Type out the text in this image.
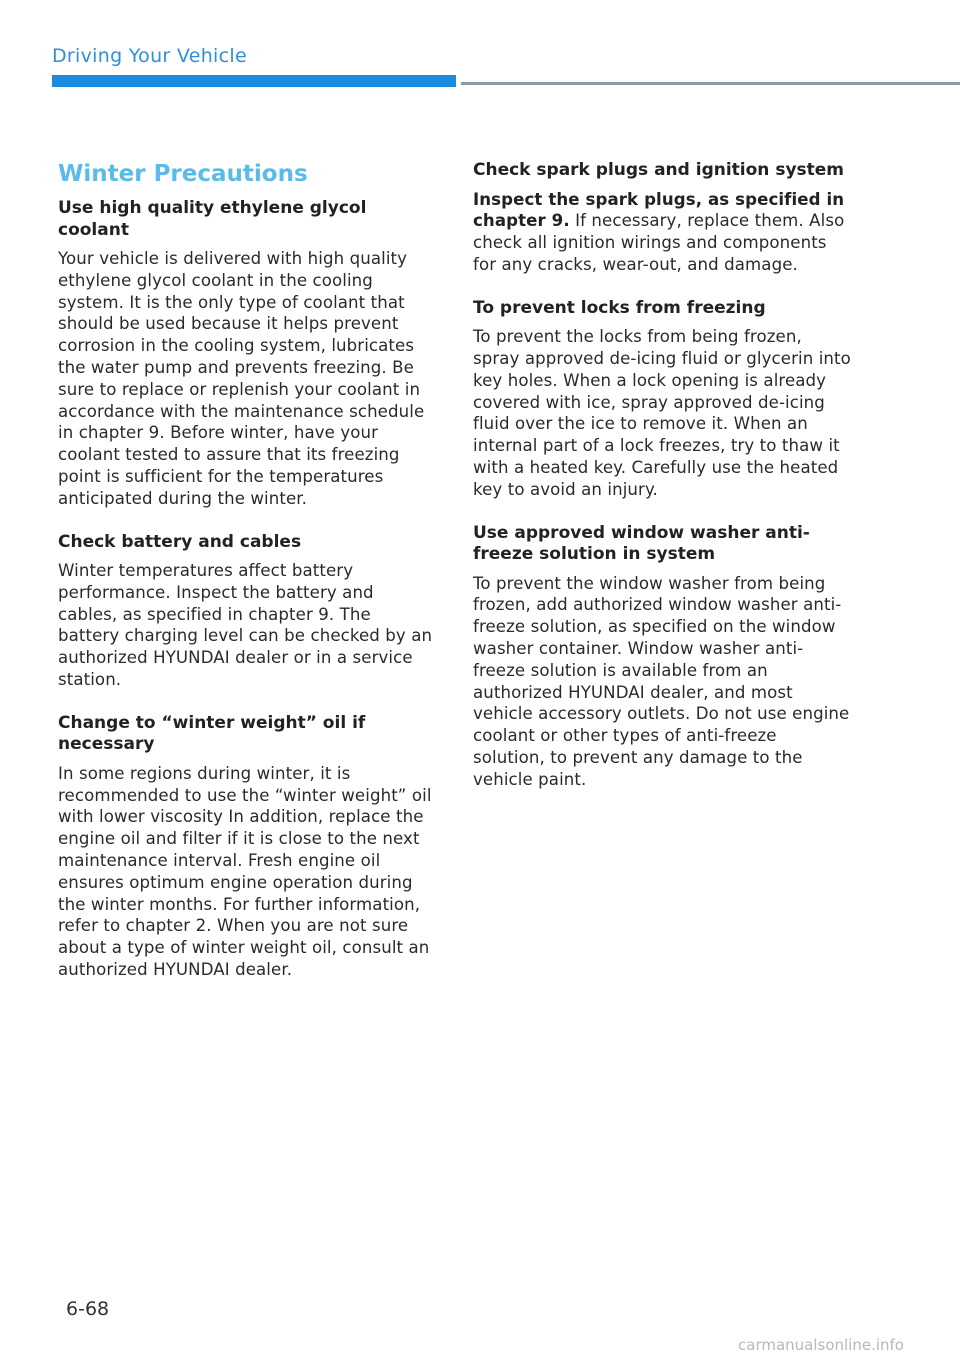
Driving Your Vehicle
Winter Precautions
Use high quality ethylene glycol coolant
Your vehicle is delivered with high quality ethylene glycol coolant in the cooling system. It is the only type of coolant that should be used because it helps prevent corrosion in the cooling system, lubricates the water pump and prevents freezing. Be sure to replace or replenish your coolant in accordance with the maintenance schedule in chapter 9. Before winter, have your coolant tested to assure that its freezing point is sufficient for the temperatures anticipated during the winter.
Check battery and cables
Winter temperatures affect battery performance. Inspect the battery and cables, as specified in chapter 9. The battery charging level can be checked by an authorized HYUNDAI dealer or in a service station.
Change to “winter weight” oil if necessary
In some regions during winter, it is recommended to use the “winter weight” oil with lower viscosity In addition, replace the engine oil and filter if it is close to the next maintenance interval. Fresh engine oil ensures optimum engine operation during the winter months. For further information, refer to chapter 2. When you are not sure about a type of winter weight oil, consult an authorized HYUNDAI dealer.
Check spark plugs and ignition system
Inspect the spark plugs, as specified in chapter 9. If necessary, replace them. Also check all ignition wirings and components for any cracks, wear-out, and damage.
To prevent locks from freezing
To prevent the locks from being frozen, spray approved de-icing fluid or glycerin into key holes. When a lock opening is already covered with ice, spray approved de-icing fluid over the ice to remove it. When an internal part of a lock freezes, try to thaw it with a heated key. Carefully use the heated key to avoid an injury.
Use approved window washer anti-freeze solution in system
To prevent the window washer from being frozen, add authorized window washer anti-freeze solution, as specified on the window washer container. Window washer anti-freeze solution is available from an authorized HYUNDAI dealer, and most vehicle accessory outlets. Do not use engine coolant or other types of anti-freeze solution, to prevent any damage to the vehicle paint.
6-68
carmanualsonline.info
